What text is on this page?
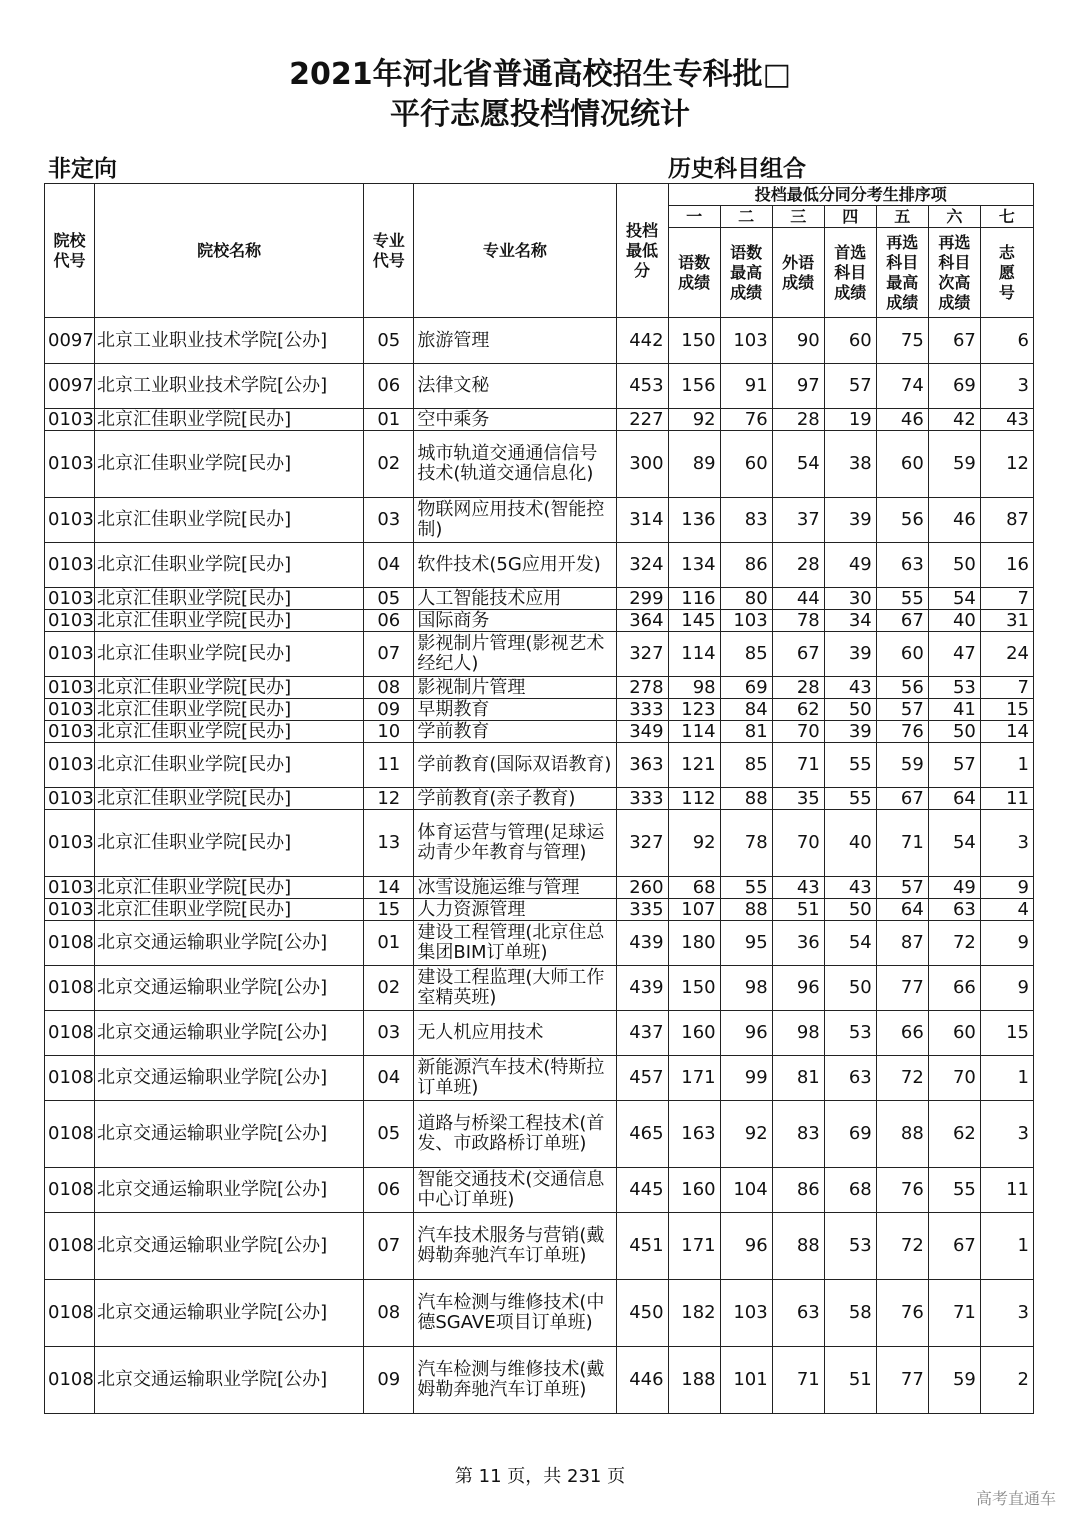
2021年河北省普通高校招生专科批□
平行志愿投档情况统计
非定向	历史科目组合
院校代号	院校名称	专业代号	专业名称	投档最低分	投档最低分同分考生排序项						
					一	二	三	四	五	六	七

					语数成绩	语数最高成绩	外语成绩	首选科目成绩	再选科目最高成绩	再选科目次高成绩	志愿号

0097	北京工业职业技术学院[公办]	05	旅游管理	442	150	103	90	60	75	67	6
0097	北京工业职业技术学院[公办]	06	法律文秘	453	156	91	97	57	74	69	3
0103	北京汇佳职业学院[民办]	01	空中乘务	227	92	76	28	19	46	42	43
0103	北京汇佳职业学院[民办]	02	城市轨道交通通信信号技术(轨道交通信息化)	300	89	60	54	38	60	59	12
0103	北京汇佳职业学院[民办]	03	物联网应用技术(智能控制)	314	136	83	37	39	56	46	87
0103	北京汇佳职业学院[民办]	04	软件技术(5G应用开发)	324	134	86	28	49	63	50	16
0103	北京汇佳职业学院[民办]	05	人工智能技术应用	299	116	80	44	30	55	54	7
0103	北京汇佳职业学院[民办]	06	国际商务	364	145	103	78	34	67	40	31
0103	北京汇佳职业学院[民办]	07	影视制片管理(影视艺术经纪人)	327	114	85	67	39	60	47	24
0103	北京汇佳职业学院[民办]	08	影视制片管理	278	98	69	28	43	56	53	7
0103	北京汇佳职业学院[民办]	09	早期教育	333	123	84	62	50	57	41	15
0103	北京汇佳职业学院[民办]	10	学前教育	349	114	81	70	39	76	50	14
0103	北京汇佳职业学院[民办]	11	学前教育(国际双语教育)	363	121	85	71	55	59	57	1
0103	北京汇佳职业学院[民办]	12	学前教育(亲子教育)	333	112	88	35	55	67	64	11
0103	北京汇佳职业学院[民办]	13	体育运营与管理(足球运动青少年教育与管理)	327	92	78	70	40	71	54	3
0103	北京汇佳职业学院[民办]	14	冰雪设施运维与管理	260	68	55	43	43	57	49	9
0103	北京汇佳职业学院[民办]	15	人力资源管理	335	107	88	51	50	64	63	4
0108	北京交通运输职业学院[公办]	01	建设工程管理(北京住总集团BIM订单班)	439	180	95	36	54	87	72	9
0108	北京交通运输职业学院[公办]	02	建设工程监理(大师工作室精英班)	439	150	98	96	50	77	66	9
0108	北京交通运输职业学院[公办]	03	无人机应用技术	437	160	96	98	53	66	60	15
0108	北京交通运输职业学院[公办]	04	新能源汽车技术(特斯拉订单班)	457	171	99	81	63	72	70	1
0108	北京交通运输职业学院[公办]	05	道路与桥梁工程技术(首发、市政路桥订单班)	465	163	92	83	69	88	62	3
0108	北京交通运输职业学院[公办]	06	智能交通技术(交通信息中心订单班)	445	160	104	86	68	76	55	11
0108	北京交通运输职业学院[公办]	07	汽车技术服务与营销(戴姆勒奔驰汽车订单班)	451	171	96	88	53	72	67	1
0108	北京交通运输职业学院[公办]	08	汽车检测与维修技术(中德SGAVE项目订单班)	450	182	103	63	58	76	71	3
0108	北京交通运输职业学院[公办]	09	汽车检测与维修技术(戴姆勒奔驰汽车订单班)	446	188	101	71	51	77	59	2
第 11 页，共 231 页
高考直通车
